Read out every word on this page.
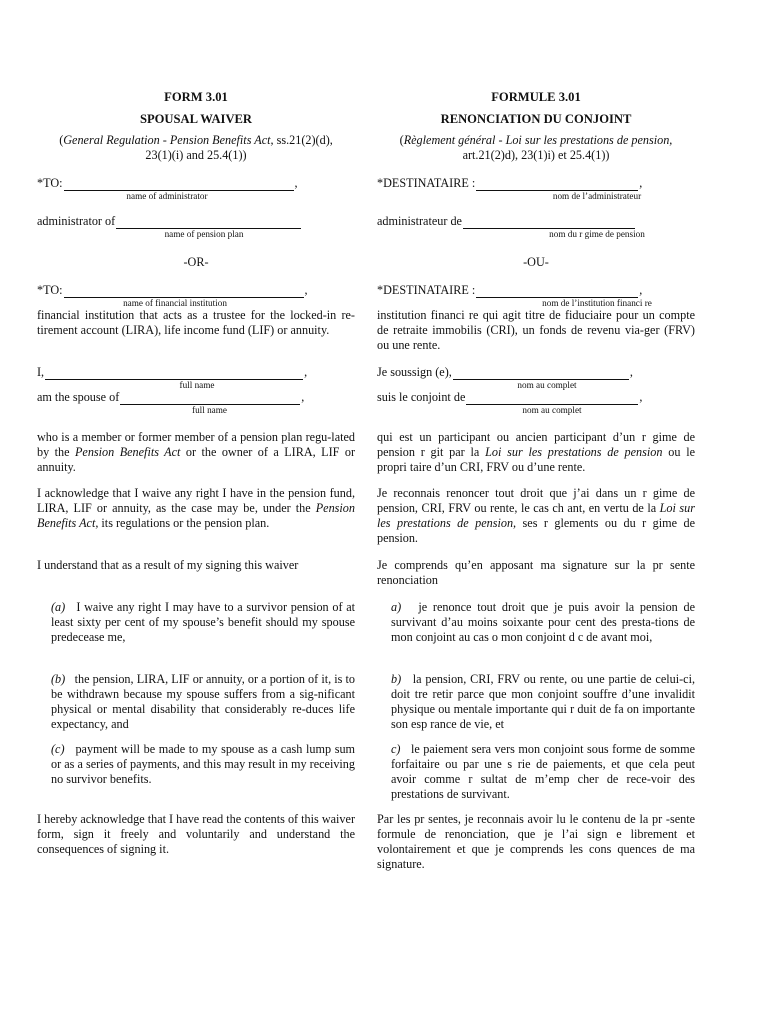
FORM 3.01
SPOUSAL WAIVER
(General Regulation - Pension Benefits Act, ss.21(2)(d),
23(1)(i) and 25.4(1))
*TO:	,
name of administrator
administrator of
name of pension plan
-OR-
*TO:	,
name of financial institution
financial institution that acts as a trustee for the locked-in re-tirement account (LIRA), life income fund (LIF) or annuity.
I,	,
full name
am the spouse of	,
full name
who is a member or former member of a pension plan regu-lated by the Pension Benefits Act or the owner of a LIRA, LIF or annuity.
I acknowledge that I waive any right I have in the pension fund, LIRA, LIF or annuity, as the case may be, under the Pension Benefits Act, its regulations or the pension plan.
I understand that as a result of my signing this waiver
(a) I waive any right I may have to a survivor pension of at least sixty per cent of my spouse’s benefit should my spouse predecease me,
(b) the pension, LIRA, LIF or annuity, or a portion of it, is to be withdrawn because my spouse suffers from a sig-nificant physical or mental disability that considerably re-duces life expectancy, and
(c) payment will be made to my spouse as a cash lump sum or as a series of payments, and this may result in my receiving no survivor benefits.
I hereby acknowledge that I have read the contents of this waiver form, sign it freely and voluntarily and understand the consequences of signing it.
FORMULE 3.01
RENONCIATION DU CONJOINT
(Règlement général - Loi sur les prestations de pension,
art.21(2)d), 23(1)i) et 25.4(1))
*DESTINATAIRE :	,
nom de l’administrateur
administrateur de
nom du r gime de pension
-OU-
*DESTINATAIRE :	,
nom de l’institution financi re
institution financi re qui agit titre de fiduciaire pour un compte de retraite immobilis (CRI), un fonds de revenu via-ger (FRV) ou une rente.
Je soussign (e),	,
nom au complet
suis le conjoint de	,
nom au complet
qui est un participant ou ancien participant d’un r gime de pension r git par la Loi sur les prestations de pension ou le propri taire d’un CRI, FRV ou d’une rente.
Je reconnais renoncer tout droit que j’ai dans un r gime de pension, CRI, FRV ou rente, le cas ch ant, en vertu de la Loi sur les prestations de pension, ses r glements ou du r gime de pension.
Je comprends qu’en apposant ma signature sur la pr sente renonciation
a) je renonce tout droit que je puis avoir la pension de survivant d’au moins soixante pour cent des presta-tions de mon conjoint au cas o mon conjoint d c de avant moi,
b) la pension, CRI, FRV ou rente, ou une partie de celui-ci, doit tre retir parce que mon conjoint souffre d’une invalidit physique ou mentale importante qui r duit de fa on importante son esp rance de vie, et
c) le paiement sera vers mon conjoint sous forme de somme forfaitaire ou par une s rie de paiements, et que cela peut avoir comme r sultat de m’emp cher de rece-voir des prestations de survivant.
Par les pr sentes, je reconnais avoir lu le contenu de la pr -sente formule de renonciation, que je l’ai sign e librement et volontairement et que je comprends les cons quences de ma signature.
